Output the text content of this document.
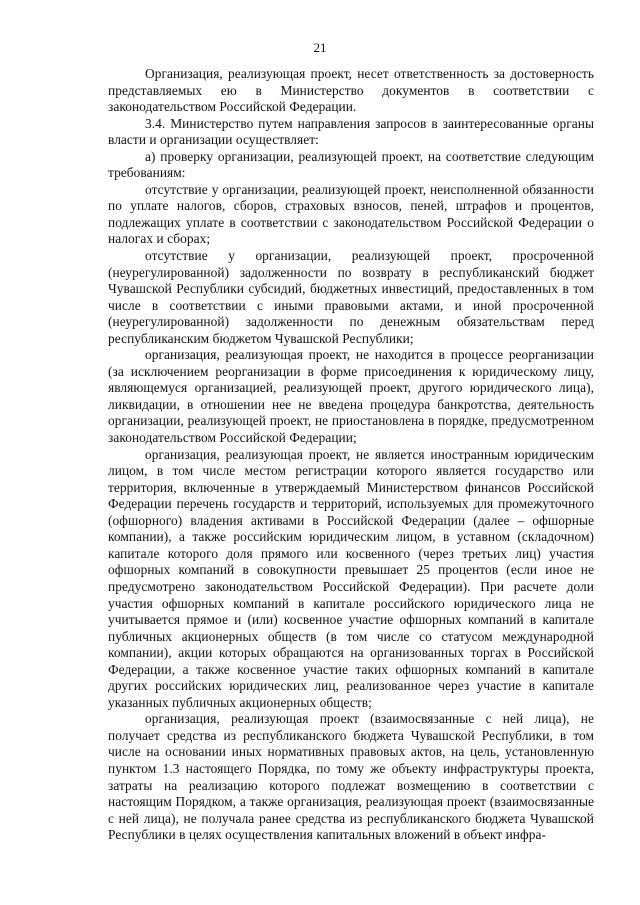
21

Организация, реализующая проект, несет ответственность за достоверность представляемых ею в Министерство документов в соответствии с законодательством Российской Федерации.

3.4. Министерство путем направления запросов в заинтересованные органы власти и организации осуществляет:

а) проверку организации, реализующей проект, на соответствие следующим требованиям:

отсутствие у организации, реализующей проект, неисполненной обязанности по уплате налогов, сборов, страховых взносов, пеней, штрафов и процентов, подлежащих уплате в соответствии с законодательством Российской Федерации о налогах и сборах;

отсутствие у организации, реализующей проект, просроченной (неурегулированной) задолженности по возврату в республиканский бюджет Чувашской Республики субсидий, бюджетных инвестиций, предоставленных в том числе в соответствии с иными правовыми актами, и иной просроченной (неурегулированной) задолженности по денежным обязательствам перед республиканским бюджетом Чувашской Республики;

организация, реализующая проект, не находится в процессе реорганизации (за исключением реорганизации в форме присоединения к юридическому лицу, являющемуся организацией, реализующей проект, другого юридического лица), ликвидации, в отношении нее не введена процедура банкротства, деятельность организации, реализующей проект, не приостановлена в порядке, предусмотренном законодательством Российской Федерации;

организация, реализующая проект, не является иностранным юридическим лицом, в том числе местом регистрации которого является государство или территория, включенные в утверждаемый Министерством финансов Российской Федерации перечень государств и территорий, используемых для промежуточного (офшорного) владения активами в Российской Федерации (далее – офшорные компании), а также российским юридическим лицом, в уставном (складочном) капитале которого доля прямого или косвенного (через третьих лиц) участия офшорных компаний в совокупности превышает 25 процентов (если иное не предусмотрено законодательством Российской Федерации). При расчете доли участия офшорных компаний в капитале российского юридического лица не учитывается прямое и (или) косвенное участие офшорных компаний в капитале публичных акционерных обществ (в том числе со статусом международной компании), акции которых обращаются на организованных торгах в Российской Федерации, а также косвенное участие таких офшорных компаний в капитале других российских юридических лиц, реализованное через участие в капитале указанных публичных акционерных обществ;

организация, реализующая проект (взаимосвязанные с ней лица), не получает средства из республиканского бюджета Чувашской Республики, в том числе на основании иных нормативных правовых актов, на цель, установленную пунктом 1.3 настоящего Порядка, по тому же объекту инфраструктуры проекта, затраты на реализацию которого подлежат возмещению в соответствии с настоящим Порядком, а также организация, реализующая проект (взаимосвязанные с ней лица), не получала ранее средства из республиканского бюджета Чувашской Республики в целях осуществления капитальных вложений в объект инфра-
